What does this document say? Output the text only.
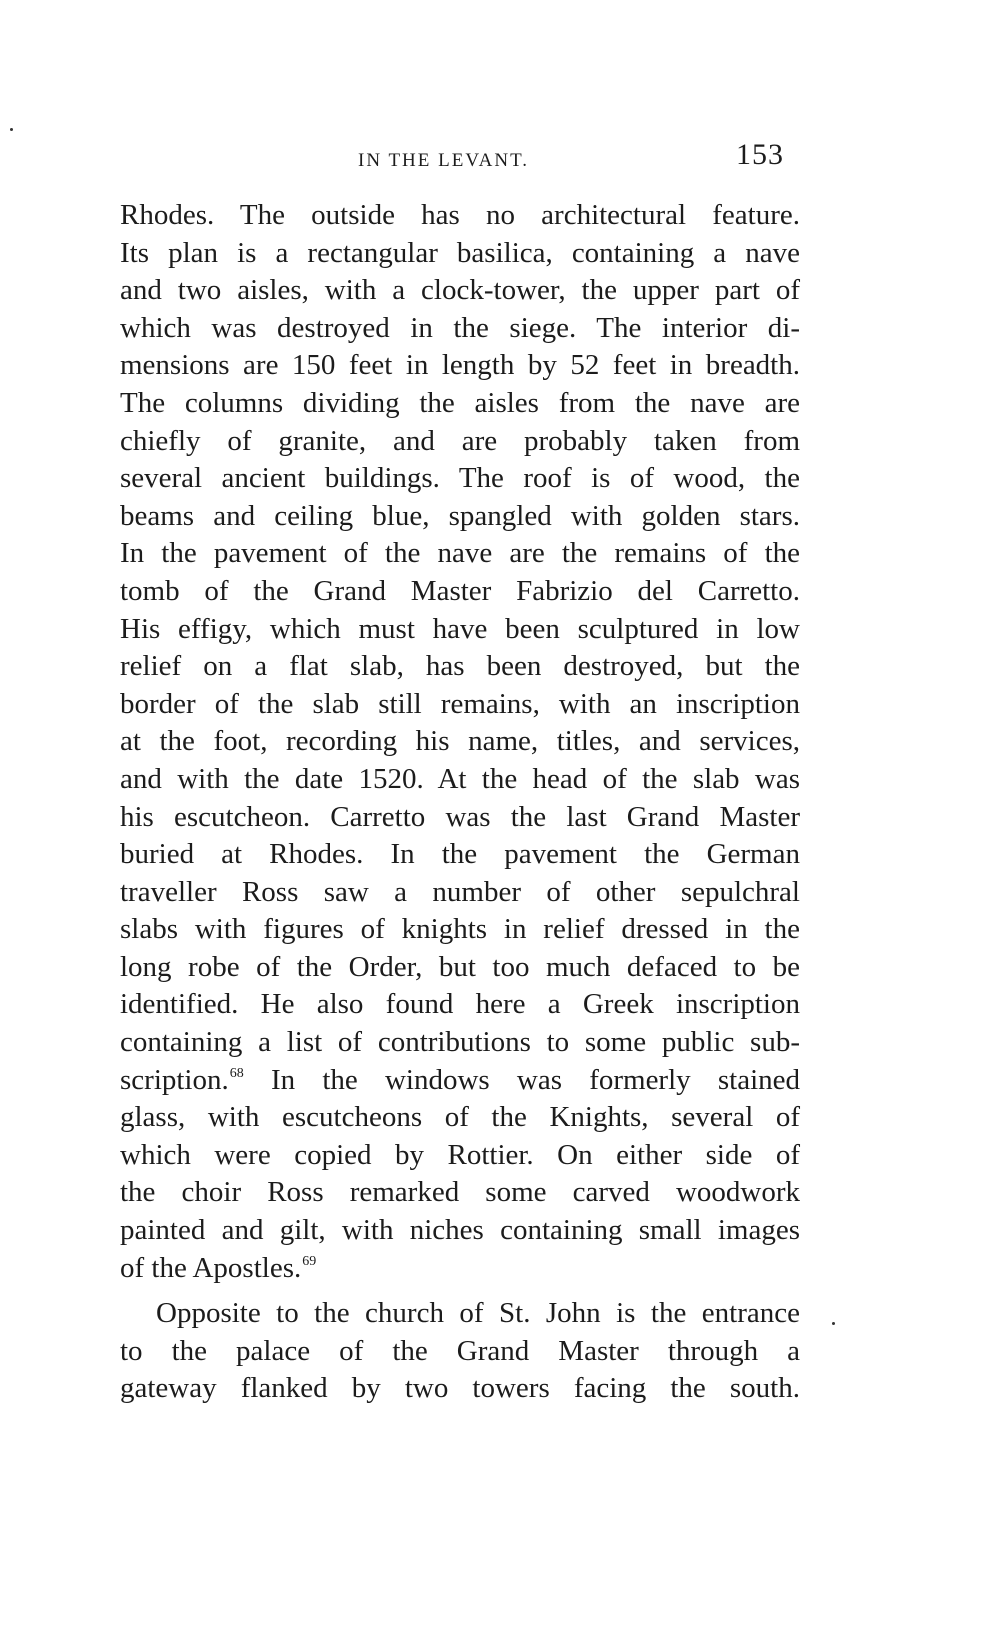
IN THE LEVANT.	153
Rhodes. The outside has no architectural feature.
Its plan is a rectangular basilica, containing a nave
and two aisles, with a clock-tower, the upper part of
which was destroyed in the siege. The interior di-
mensions are 150 feet in length by 52 feet in breadth.
The columns dividing the aisles from the nave are
chiefly of granite, and are probably taken from
several ancient buildings. The roof is of wood, the
beams and ceiling blue, spangled with golden stars.
In the pavement of the nave are the remains of the
tomb of the Grand Master Fabrizio del Carretto.
His effigy, which must have been sculptured in low
relief on a flat slab, has been destroyed, but the
border of the slab still remains, with an inscription
at the foot, recording his name, titles, and services,
and with the date 1520. At the head of the slab was
his escutcheon. Carretto was the last Grand Master
buried at Rhodes. In the pavement the German
traveller Ross saw a number of other sepulchral
slabs with figures of knights in relief dressed in the
long robe of the Order, but too much defaced to be
identified. He also found here a Greek inscription
containing a list of contributions to some public sub-
scription.$^{68}$ In the windows was formerly stained
glass, with escutcheons of the Knights, several of
which were copied by Rottier. On either side of
the choir Ross remarked some carved woodwork
painted and gilt, with niches containing small images
of the Apostles.$^{69}$
Opposite to the church of St. John is the entrance
to the palace of the Grand Master through a
gateway flanked by two towers facing the south.
